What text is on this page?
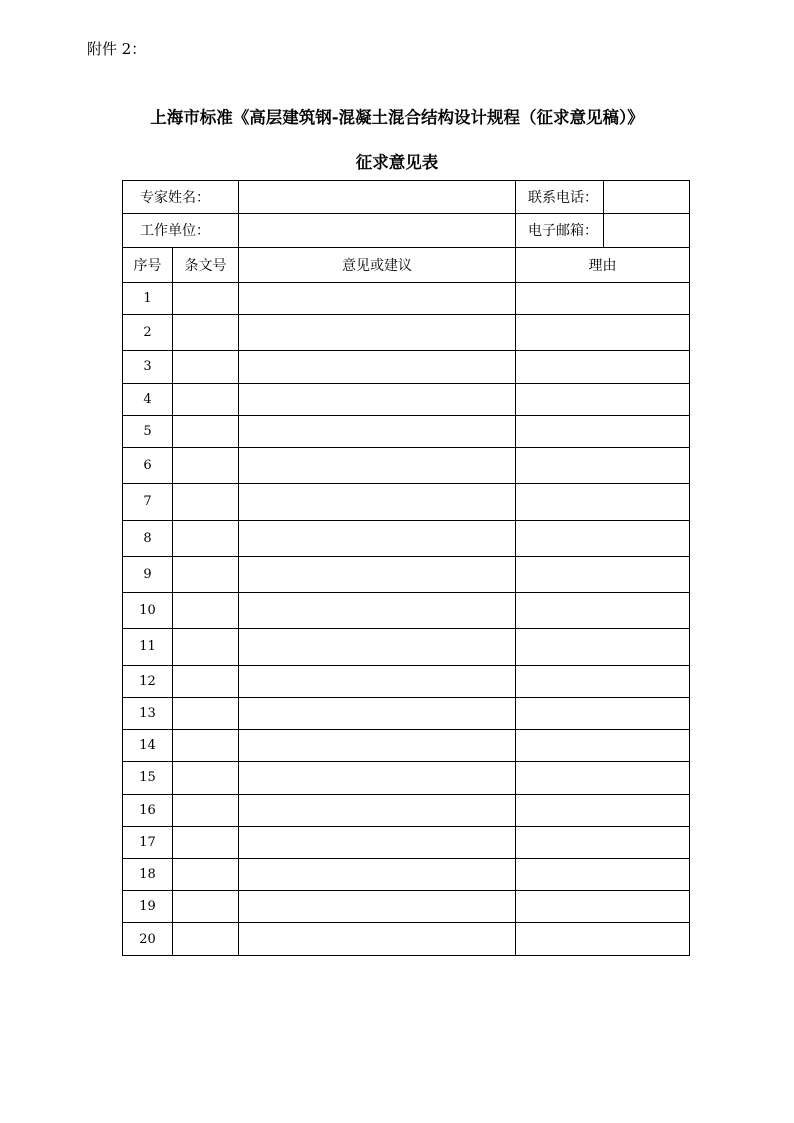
附件 2：
上海市标准《高层建筑钢-混凝土混合结构设计规程（征求意见稿）》
征求意见表
专家姓名：			联系电话：

工作单位：			电子邮箱：

序号	条文号	意见或建议	理由
1			
2			
3			
4			
5			
6			
7			
8			
9			
10			
11			
12			
13			
14			
15			
16			
17			
18			
19			
20			
